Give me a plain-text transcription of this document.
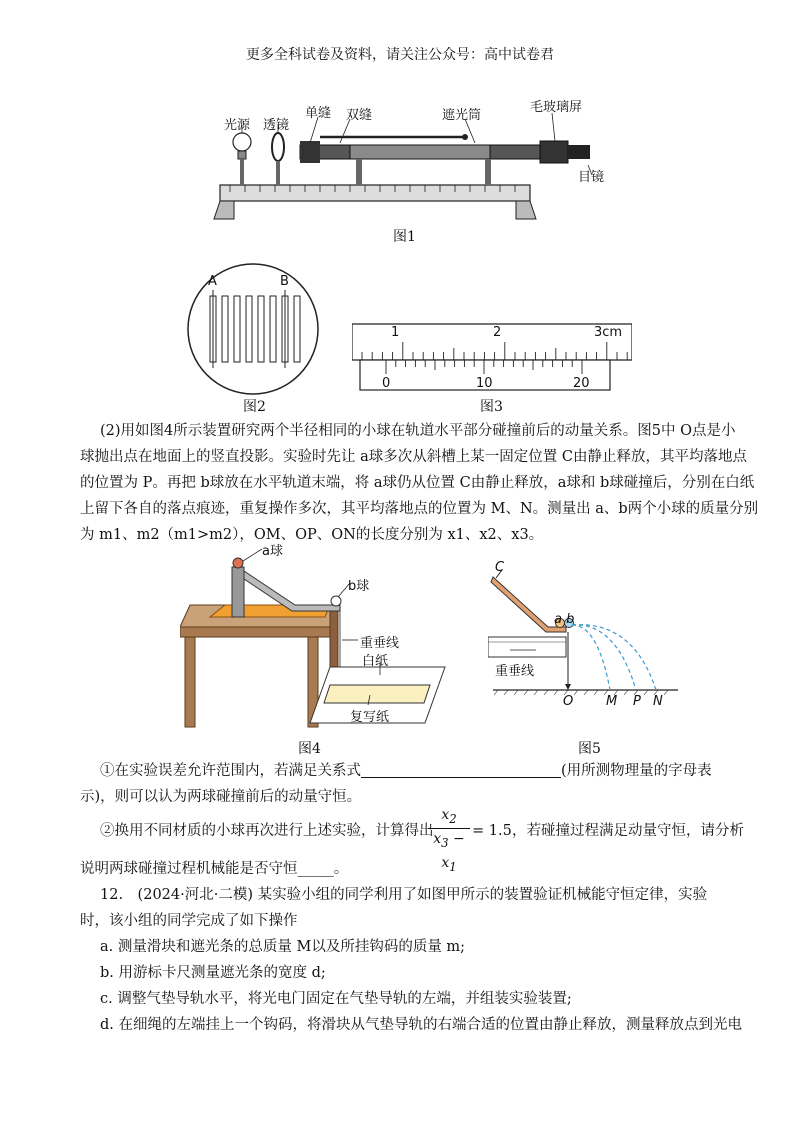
更多全科试卷及资料，请关注公众号：高中试卷君
光源 透镜
单缝 双缝	遮光筒
毛玻璃屏
目镜
图1
A	B
图2
1	2	3cm
0	10	20
图3
(2)用如图4所示装置研究两个半径相同的小球在轨道水平部分碰撞前后的动量关系。图5中 O点是小
球抛出点在地面上的竖直投影。实验时先让 a球多次从斜槽上某一固定位置 C由静止释放，其平均落地点
的位置为 P。再把 b球放在水平轨道末端，将 a球仍从位置 C由静止释放，a球和 b球碰撞后，分别在白纸
上留下各自的落点痕迹，重复操作多次，其平均落地点的位置为 M、N。测量出 a、b两个小球的质量分别
为 m1、m2（m1>m2），OM、OP、ON的长度分别为 x1、x2、x3。
a球
b球
重垂线
白纸
复写纸
图4
C
a b
重垂线
O	M P N
图5
①在实验误差允许范围内，若满足关系式	(用所测物理量的字母表
示)，则可以认为两球碰撞前后的动量守恒。
②换用不同材质的小球再次进行上述实验，计算得出
$x_2$
$x_3 - x_1$
= 1.5 ，若碰撞过程满足动量守恒，请分析
说明两球碰撞过程机械能是否守恒_____。
12.　(2024·河北·二模) 某实验小组的同学利用了如图甲所示的装置验证机械能守恒定律，实验
时，该小组的同学完成了如下操作
a. 测量滑块和遮光条的总质量 M以及所挂钩码的质量 m;
b. 用游标卡尺测量遮光条的宽度 d;
c. 调整气垫导轨水平，将光电门固定在气垫导轨的左端，并组装实验装置;
d. 在细绳的左端挂上一个钩码，将滑块从气垫导轨的右端合适的位置由静止释放，测量释放点到光电
